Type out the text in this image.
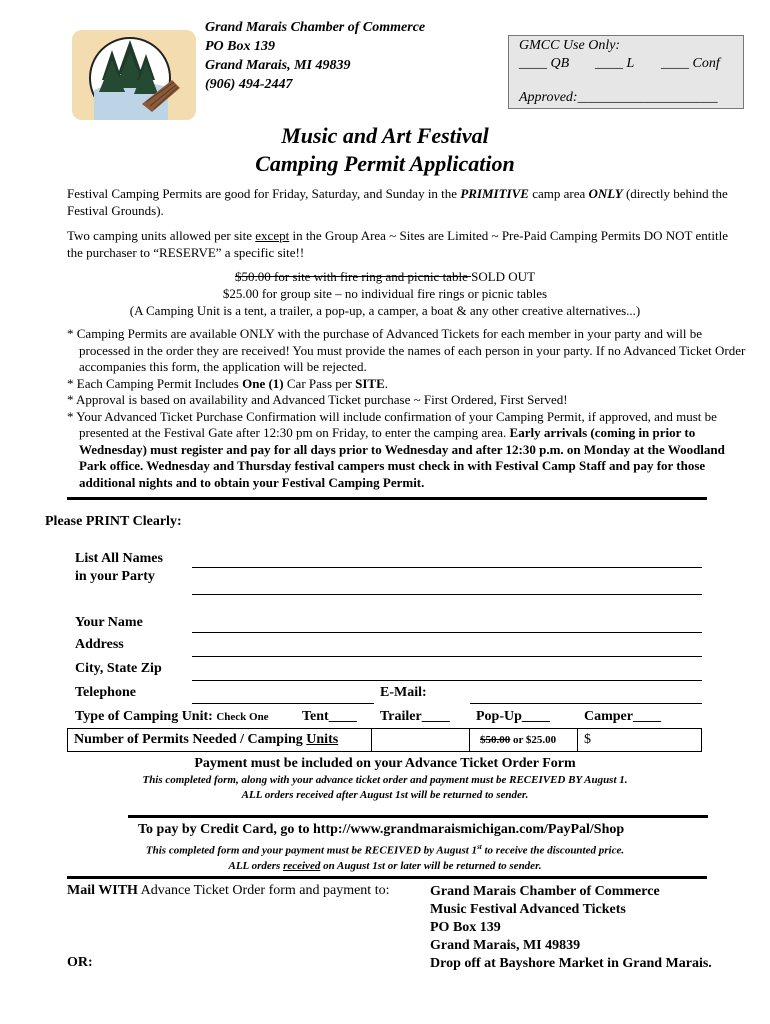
Grand Marais Chamber of Commerce
PO Box 139
Grand Marais, MI 49839
(906) 494-2447
GMCC Use Only:
____ QB ____ L ____ Conf
Approved:____________________
Music and Art Festival
Camping Permit Application
Festival Camping Permits are good for Friday, Saturday, and Sunday in the PRIMITIVE camp area ONLY (directly behind the Festival Grounds).
Two camping units allowed per site except in the Group Area ~ Sites are Limited ~ Pre-Paid Camping Permits DO NOT entitle the purchaser to “RESERVE” a specific site!!
$50.00 for site with fire ring and picnic table SOLD OUT
$25.00 for group site – no individual fire rings or picnic tables
(A Camping Unit is a tent, a trailer, a pop-up, a camper, a boat & any other creative alternatives...)
* Camping Permits are available ONLY with the purchase of Advanced Tickets for each member in your party and will be processed in the order they are received! You must provide the names of each person in your party. If no Advanced Ticket Order accompanies this form, the application will be rejected.
* Each Camping Permit Includes One (1) Car Pass per SITE.
* Approval is based on availability and Advanced Ticket purchase ~ First Ordered, First Served!
* Your Advanced Ticket Purchase Confirmation will include confirmation of your Camping Permit, if approved, and must be presented at the Festival Gate after 12:30 pm on Friday, to enter the camping area. Early arrivals (coming in prior to Wednesday) must register and pay for all days prior to Wednesday and after 12:30 p.m. on Monday at the Woodland Park office. Wednesday and Thursday festival campers must check in with Festival Camp Staff and pay for those additional nights and to obtain your Festival Camping Permit.
Please PRINT Clearly:
List All Names
in your Party
Your Name
Address
City, State Zip
Telephone	E-Mail:
Type of Camping Unit: Check One Tent____ Trailer____ Pop-Up____ Camper____
Number of Permits Needed / Camping Units	$50.00 or $25.00 $
Payment must be included on your Advance Ticket Order Form
This completed form, along with your advance ticket order and payment must be RECEIVED BY August 1.
ALL orders received after August 1st will be returned to sender.
To pay by Credit Card, go to http://www.grandmaraismichigan.com/PayPal/Shop
This completed form and your payment must be RECEIVED by August 1st to receive the discounted price.
ALL orders received on August 1st or later will be returned to sender.
Mail WITH Advance Ticket Order form and payment to:
OR:
Grand Marais Chamber of Commerce
Music Festival Advanced Tickets
PO Box 139
Grand Marais, MI 49839
Drop off at Bayshore Market in Grand Marais.
